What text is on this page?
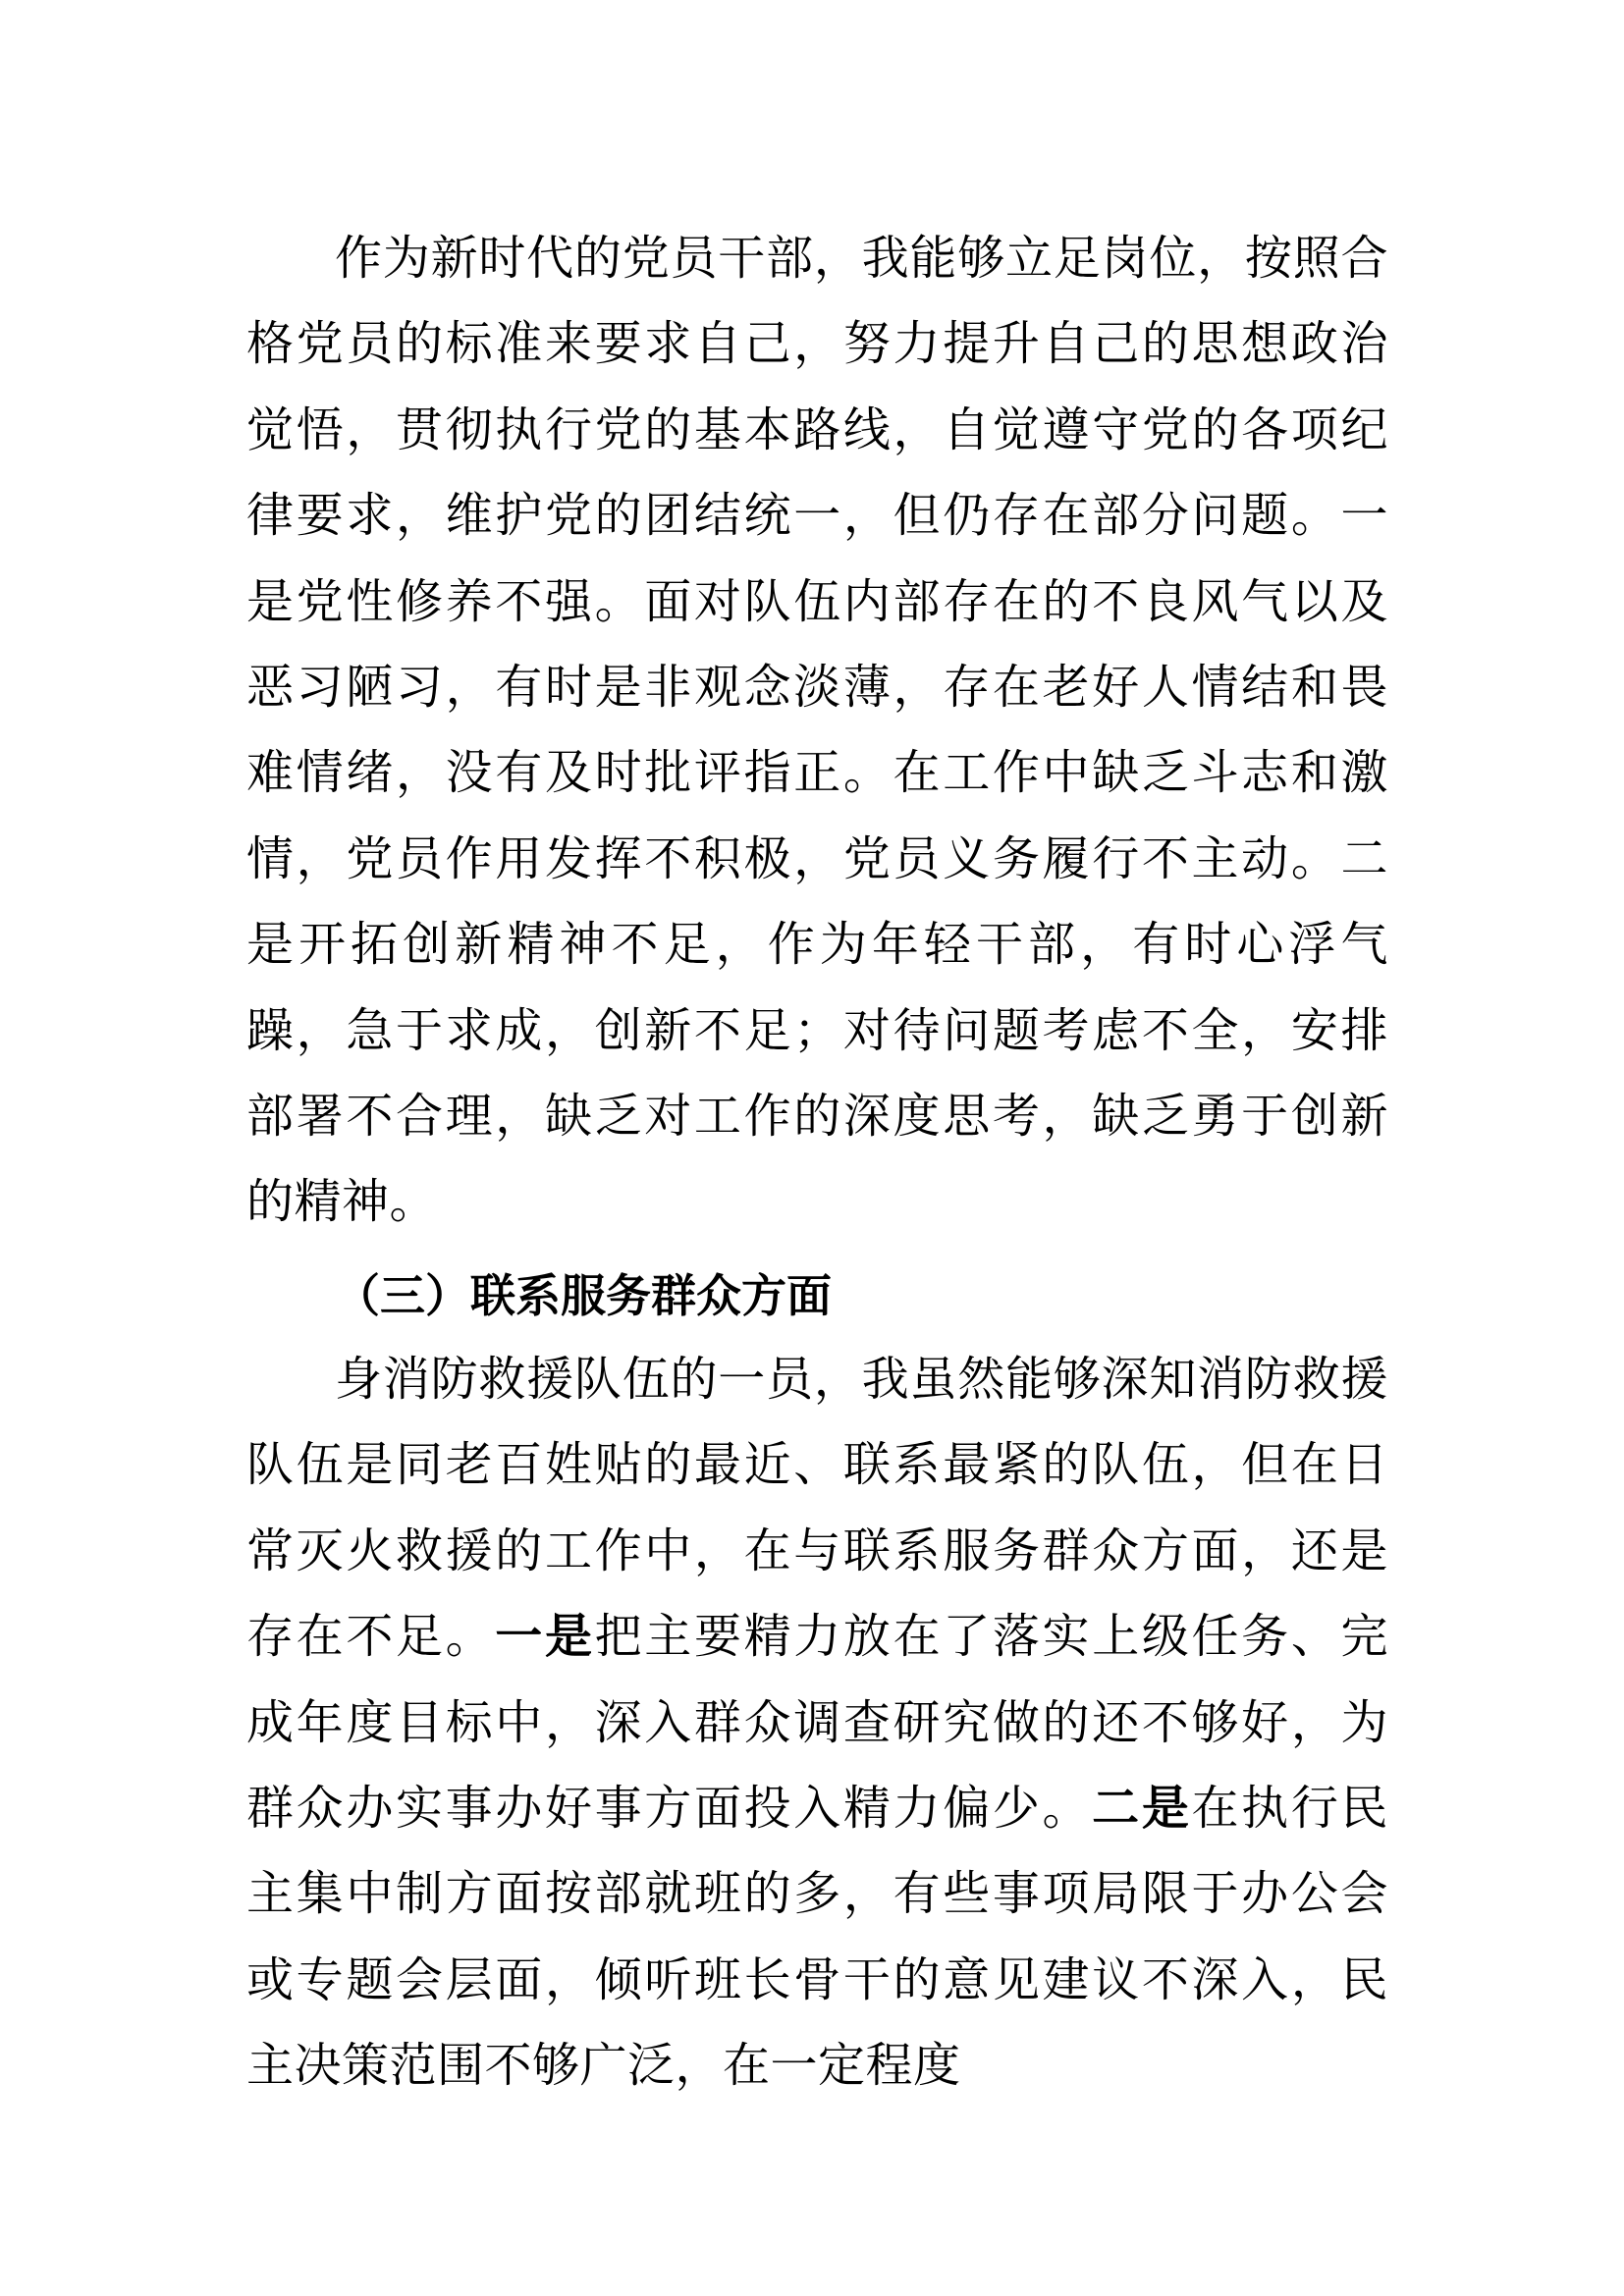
作为新时代的党员干部，我能够立足岗位，按照合格党员的标准来要求自己，努力提升自己的思想政治觉悟，贯彻执行党的基本路线，自觉遵守党的各项纪律要求，维护党的团结统一，但仍存在部分问题。一是党性修养不强。面对队伍内部存在的不良风气以及恶习陋习，有时是非观念淡薄，存在老好人情结和畏难情绪，没有及时批评指正。在工作中缺乏斗志和激情，党员作用发挥不积极，党员义务履行不主动。二是开拓创新精神不足，作为年轻干部，有时心浮气躁，急于求成，创新不足；对待问题考虑不全，安排部署不合理，缺乏对工作的深度思考，缺乏勇于创新的精神。

（三）联系服务群众方面

身消防救援队伍的一员，我虽然能够深知消防救援队伍是同老百姓贴的最近、联系最紧的队伍，但在日常灭火救援的工作中，在与联系服务群众方面，还是存在不足。一是把主要精力放在了落实上级任务、完成年度目标中，深入群众调查研究做的还不够好，为群众办实事办好事方面投入精力偏少。二是在执行民主集中制方面按部就班的多，有些事项局限于办公会或专题会层面，倾听班长骨干的意见建议不深入，民主决策范围不够广泛，在一定程度
